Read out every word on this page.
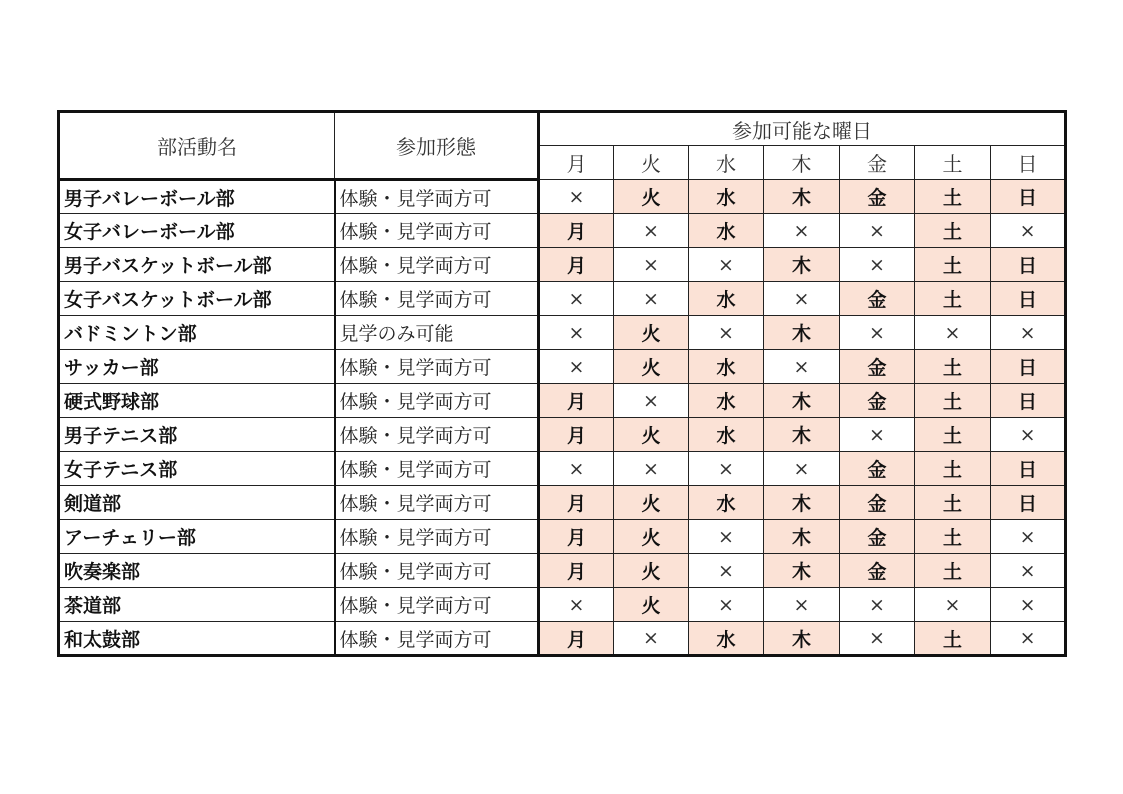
部活動名	参加形態	参加可能な曜日						
		月	火	水	木	金	土	日
男子バレーボール部	体験・見学両方可	×	火	水	木	金	土	日
女子バレーボール部	体験・見学両方可	月	×	水	×	×	土	×
男子バスケットボール部	体験・見学両方可	月	×	×	木	×	土	日
女子バスケットボール部	体験・見学両方可	×	×	水	×	金	土	日
バドミントン部	見学のみ可能	×	火	×	木	×	×	×
サッカー部	体験・見学両方可	×	火	水	×	金	土	日
硬式野球部	体験・見学両方可	月	×	水	木	金	土	日
男子テニス部	体験・見学両方可	月	火	水	木	×	土	×
女子テニス部	体験・見学両方可	×	×	×	×	金	土	日
剣道部	体験・見学両方可	月	火	水	木	金	土	日
アーチェリー部	体験・見学両方可	月	火	×	木	金	土	×
吹奏楽部	体験・見学両方可	月	火	×	木	金	土	×
茶道部	体験・見学両方可	×	火	×	×	×	×	×
和太鼓部	体験・見学両方可	月	×	水	木	×	土	×
